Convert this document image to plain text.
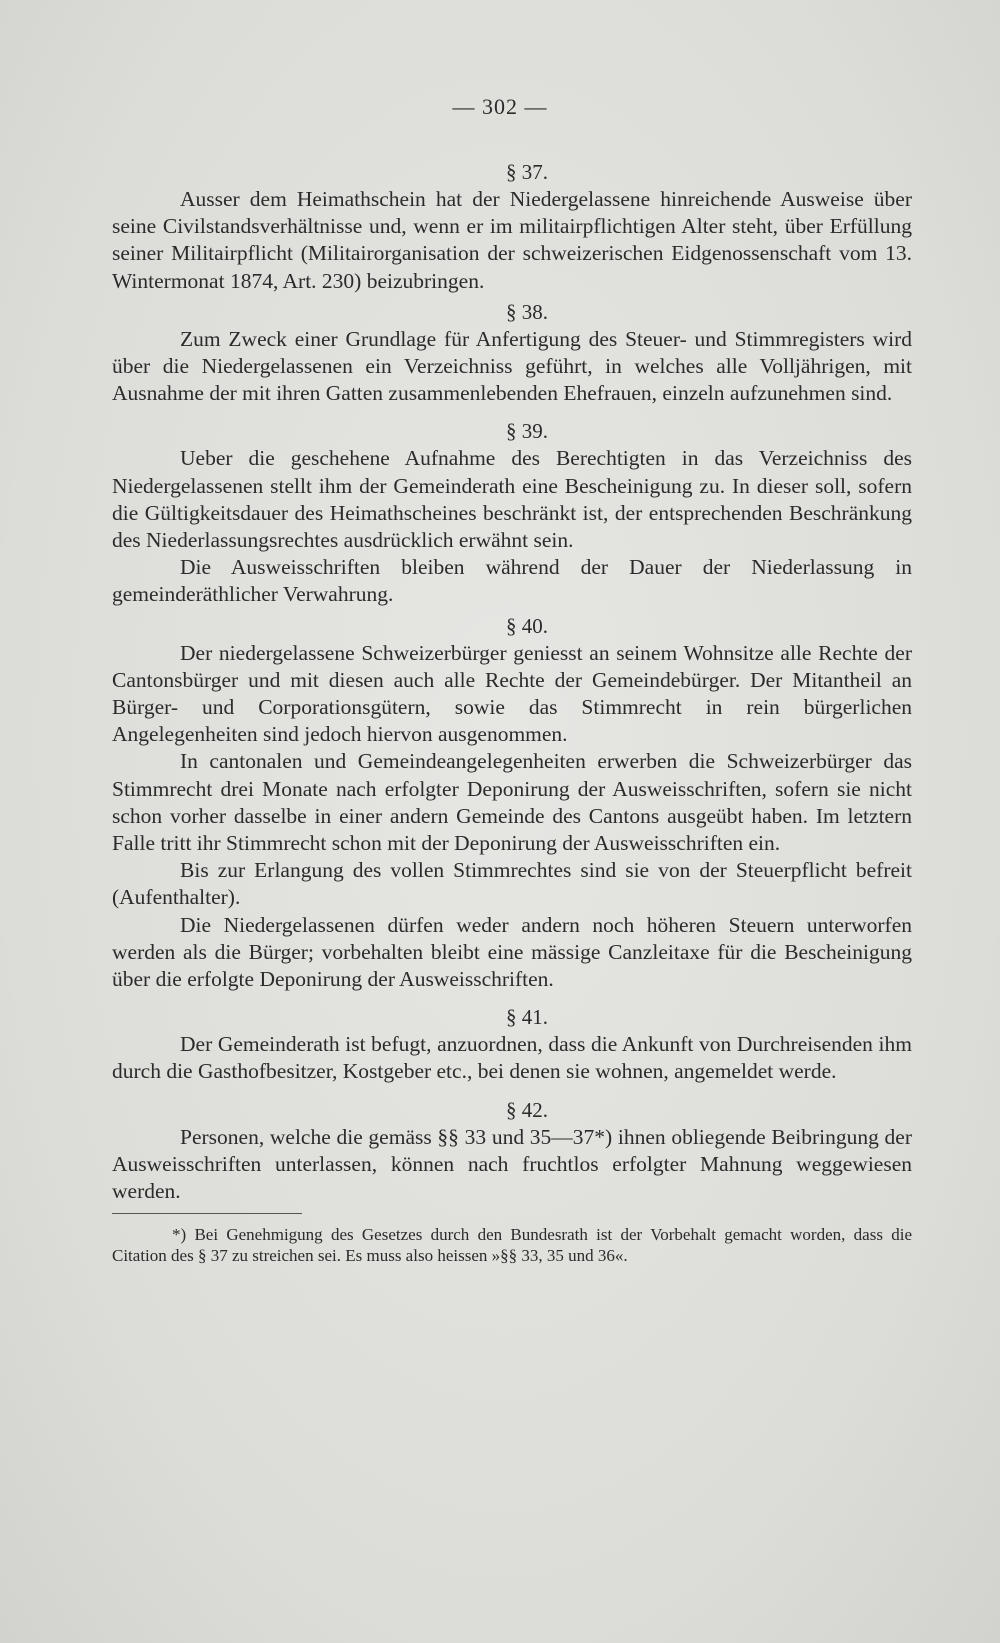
— 302 —

§ 37.

Ausser dem Heimathschein hat der Niedergelassene hinreichende Ausweise über seine Civilstandsverhältnisse und, wenn er im militairpflichtigen Alter steht, über Erfüllung seiner Militairpflicht (Militairorganisation der schweizerischen Eidgenossenschaft vom 13. Wintermonat 1874, Art. 230) beizubringen.

§ 38.

Zum Zweck einer Grundlage für Anfertigung des Steuer- und Stimmregisters wird über die Niedergelassenen ein Verzeichniss geführt, in welches alle Volljährigen, mit Ausnahme der mit ihren Gatten zusammenlebenden Ehefrauen, einzeln aufzunehmen sind.

§ 39.

Ueber die geschehene Aufnahme des Berechtigten in das Verzeichniss des Niedergelassenen stellt ihm der Gemeinderath eine Bescheinigung zu. In dieser soll, sofern die Gültigkeitsdauer des Heimathscheines beschränkt ist, der entsprechenden Beschränkung des Niederlassungsrechtes ausdrücklich erwähnt sein.

Die Ausweisschriften bleiben während der Dauer der Niederlassung in gemeinderäthlicher Verwahrung.

§ 40.

Der niedergelassene Schweizerbürger geniesst an seinem Wohnsitze alle Rechte der Cantonsbürger und mit diesen auch alle Rechte der Gemeindebürger. Der Mitantheil an Bürger- und Corporationsgütern, sowie das Stimmrecht in rein bürgerlichen Angelegenheiten sind jedoch hiervon ausgenommen.

In cantonalen und Gemeindeangelegenheiten erwerben die Schweizerbürger das Stimmrecht drei Monate nach erfolgter Deponirung der Ausweisschriften, sofern sie nicht schon vorher dasselbe in einer andern Gemeinde des Cantons ausgeübt haben. Im letztern Falle tritt ihr Stimmrecht schon mit der Deponirung der Ausweisschriften ein.

Bis zur Erlangung des vollen Stimmrechtes sind sie von der Steuerpflicht befreit (Aufenthalter).

Die Niedergelassenen dürfen weder andern noch höheren Steuern unterworfen werden als die Bürger; vorbehalten bleibt eine mässige Canzleitaxe für die Bescheinigung über die erfolgte Deponirung der Ausweisschriften.

§ 41.

Der Gemeinderath ist befugt, anzuordnen, dass die Ankunft von Durchreisenden ihm durch die Gasthofbesitzer, Kostgeber etc., bei denen sie wohnen, angemeldet werde.

§ 42.

Personen, welche die gemäss §§ 33 und 35—37*) ihnen obliegende Beibringung der Ausweisschriften unterlassen, können nach fruchtlos erfolgter Mahnung weggewiesen werden.

*) Bei Genehmigung des Gesetzes durch den Bundesrath ist der Vorbehalt gemacht worden, dass die Citation des § 37 zu streichen sei. Es muss also heissen »§§ 33, 35 und 36«.
